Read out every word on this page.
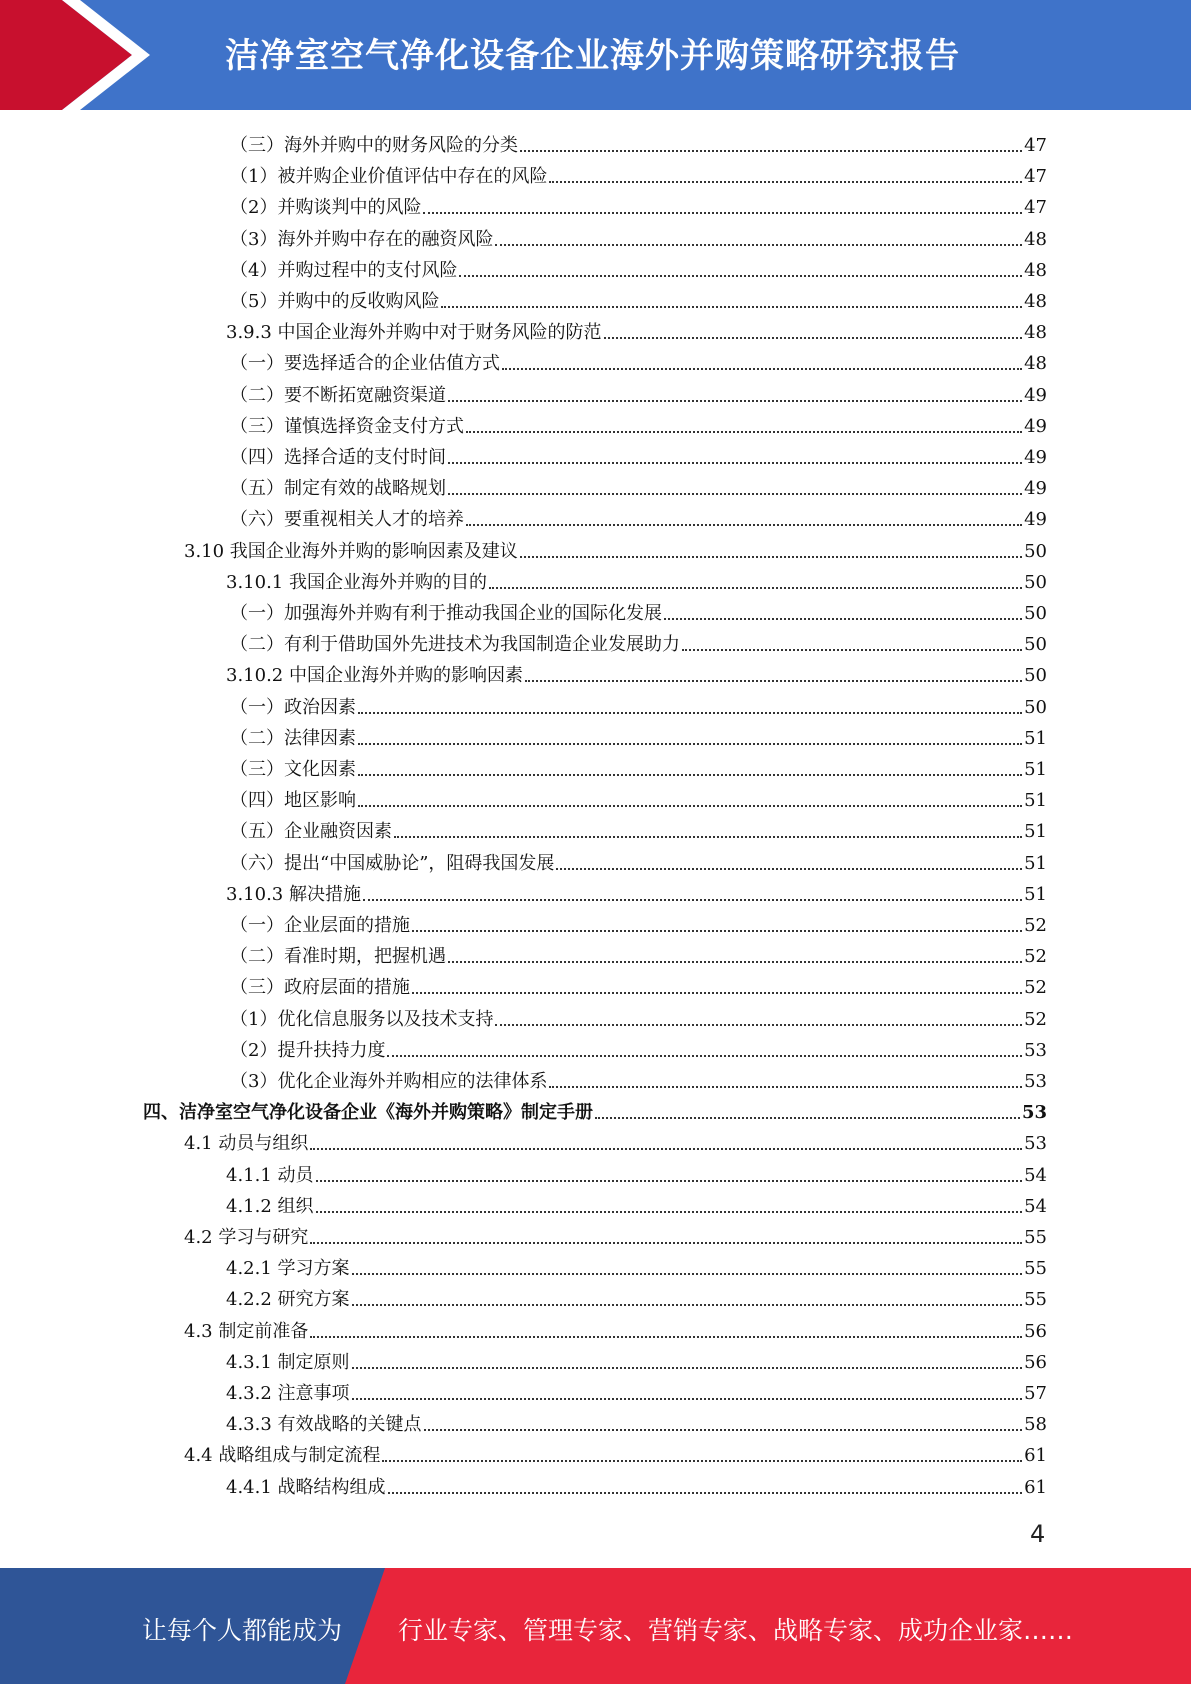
洁净室空气净化设备企业海外并购策略研究报告
（三）海外并购中的财务风险的分类	47
（1）被并购企业价值评估中存在的风险	47
（2）并购谈判中的风险	47
（3）海外并购中存在的融资风险	48
（4）并购过程中的支付风险	48
（5）并购中的反收购风险	48
3.9.3 中国企业海外并购中对于财务风险的防范	48
（一）要选择适合的企业估值方式	48
（二）要不断拓宽融资渠道	49
（三）谨慎选择资金支付方式	49
（四）选择合适的支付时间	49
（五）制定有效的战略规划	49
（六）要重视相关人才的培养	49
3.10 我国企业海外并购的影响因素及建议	50
3.10.1 我国企业海外并购的目的	50
（一）加强海外并购有利于推动我国企业的国际化发展	50
（二）有利于借助国外先进技术为我国制造企业发展助力	50
3.10.2 中国企业海外并购的影响因素	50
（一）政治因素	50
（二）法律因素	51
（三）文化因素	51
（四）地区影响	51
（五）企业融资因素	51
（六）提出“中国威胁论”，阻碍我国发展	51
3.10.3 解决措施	51
（一）企业层面的措施	52
（二）看准时期，把握机遇	52
（三）政府层面的措施	52
（1）优化信息服务以及技术支持	52
（2）提升扶持力度	53
（3）优化企业海外并购相应的法律体系	53
四、洁净室空气净化设备企业《海外并购策略》制定手册	53
4.1 动员与组织	53
4.1.1 动员	54
4.1.2 组织	54
4.2 学习与研究	55
4.2.1 学习方案	55
4.2.2 研究方案	55
4.3 制定前准备	56
4.3.1 制定原则	56
4.3.2 注意事项	57
4.3.3 有效战略的关键点	58
4.4 战略组成与制定流程	61
4.4.1 战略结构组成	61
4
让每个人都能成为 行业专家、管理专家、营销专家、战略专家、成功企业家……
